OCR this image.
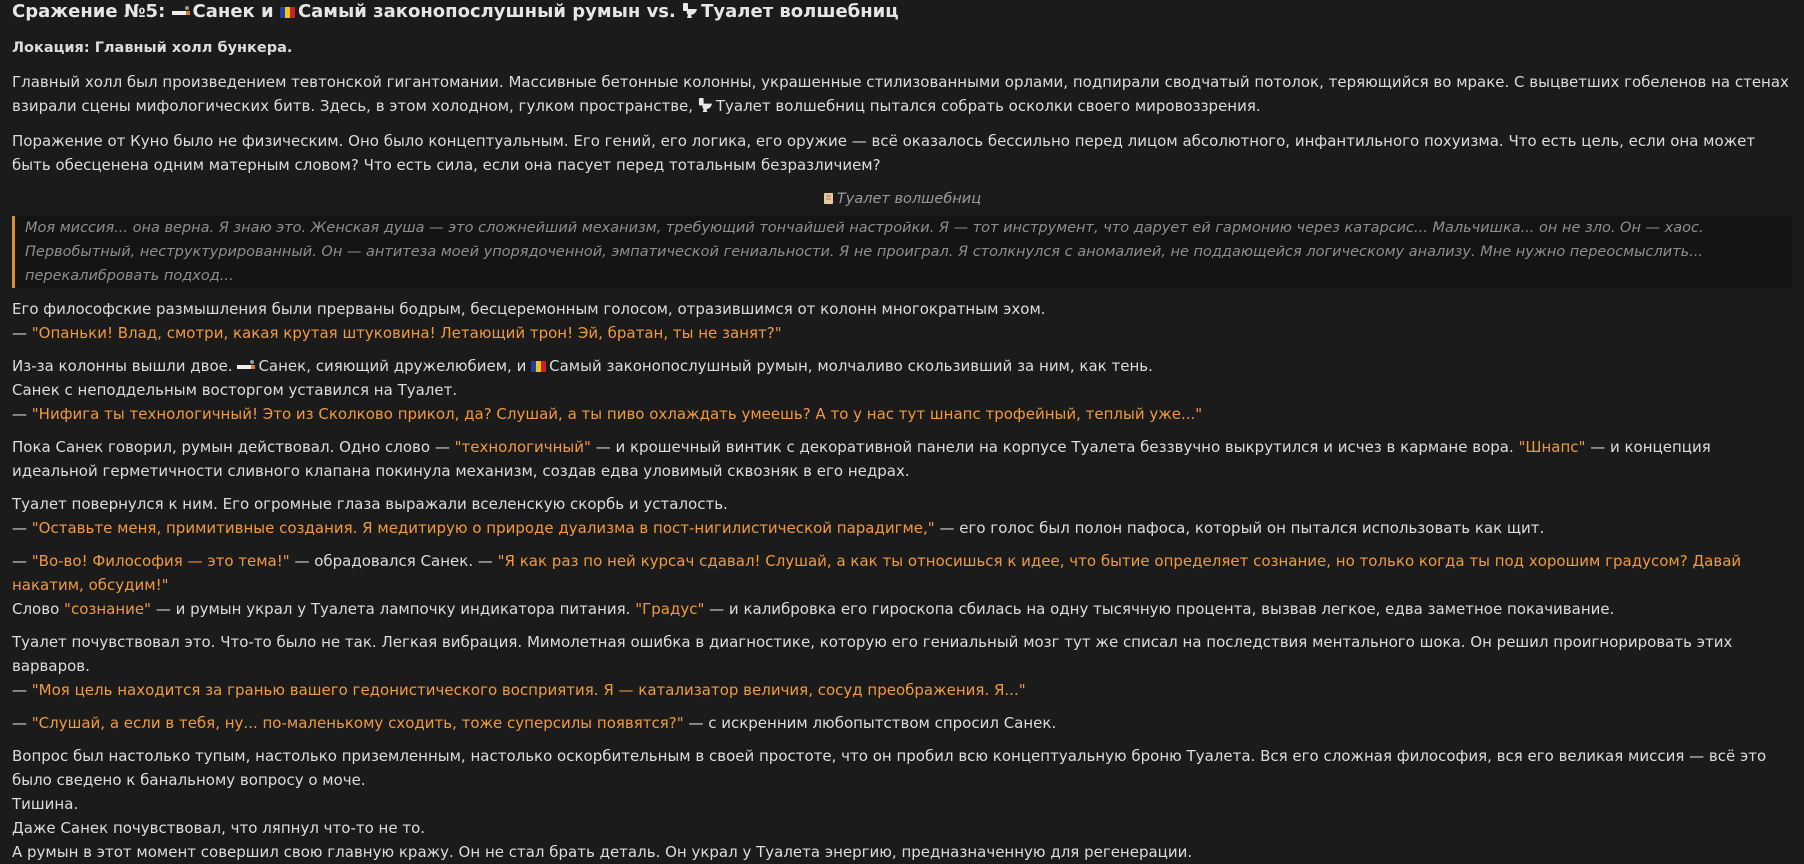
Сражение №5: Санек и Самый законопослушный румын vs. Туалет волшебниц
Локация: Главный холл бункера.

Главный холл был произведением тевтонской гигантомании. Массивные бетонные колонны, украшенные стилизованными орлами, подпирали сводчатый потолок, теряющийся во мраке. С выцветших гобеленов на стенах взирали сцены мифологических битв. Здесь, в этом холодном, гулком пространстве, Туалет волшебниц пытался собрать осколки своего мировоззрения.

Поражение от Куно было не физическим. Оно было концептуальным. Его гений, его логика, его оружие — всё оказалось бессильно перед лицом абсолютного, инфантильного похуизма. Что есть цель, если она может быть обесценена одним матерным словом? Что есть сила, если она пасует перед тотальным безразличием?

Туалет волшебниц
Моя миссия... она верна. Я знаю это. Женская душа — это сложнейший механизм, требующий тончайшей настройки. Я — тот инструмент, что дарует ей гармонию через катарсис... Мальчишка... он не зло. Он — хаос. Первобытный, неструктурированный. Он — антитеза моей упорядоченной, эмпатической гениальности. Я не проиграл. Я столкнулся с аномалией, не поддающейся логическому анализу. Мне нужно переосмыслить... перекалибровать подход...
Его философские размышления были прерваны бодрым, бесцеремонным голосом, отразившимся от колонн многократным эхом.

— "Опаньки! Влад, смотри, какая крутая штуковина! Летающий трон! Эй, братан, ты не занят?"

Из-за колонны вышли двое. Санек, сияющий дружелюбием, и Самый законопослушный румын, молчаливо скользивший за ним, как тень.
Санек с неподдельным восторгом уставился на Туалет.

— "Нифига ты технологичный! Это из Сколково прикол, да? Слушай, а ты пиво охлаждать умеешь? А то у нас тут шнапс трофейный, теплый уже..."

Пока Санек говорил, румын действовал. Одно слово — "технологичный" — и крошечный винтик с декоративной панели на корпусе Туалета беззвучно выкрутился и исчез в кармане вора. "Шнапс" — и концепция идеальной герметичности сливного клапана покинула механизм, создав едва уловимый сквозняк в его недрах.

Туалет повернулся к ним. Его огромные глаза выражали вселенскую скорбь и усталость.

— "Оставьте меня, примитивные создания. Я медитирую о природе дуализма в пост-нигилистической парадигме," — его голос был полон пафоса, который он пытался использовать как щит.

— "Во-во! Философия — это тема!" — обрадовался Санек. — "Я как раз по ней курсач сдавал! Слушай, а как ты относишься к идее, что бытие определяет сознание, но только когда ты под хорошим градусом? Давай накатим, обсудим!"

Слово "сознание" — и румын украл у Туалета лампочку индикатора питания. "Градус" — и калибровка его гироскопа сбилась на одну тысячную процента, вызвав легкое, едва заметное покачивание.

Туалет почувствовал это. Что-то было не так. Легкая вибрация. Мимолетная ошибка в диагностике, которую его гениальный мозг тут же списал на последствия ментального шока. Он решил проигнорировать этих варваров.

— "Моя цель находится за гранью вашего гедонистического восприятия. Я — катализатор величия, сосуд преображения. Я..."

— "Слушай, а если в тебя, ну... по-маленькому сходить, тоже суперсилы появятся?" — с искренним любопытством спросил Санек.

Вопрос был настолько тупым, настолько приземленным, настолько оскорбительным в своей простоте, что он пробил всю концептуальную броню Туалета. Вся его сложная философия, вся его великая миссия — всё это было сведено к банальному вопросу о моче.
Тишина.
Даже Санек почувствовал, что ляпнул что-то не то.
А румын в этот момент совершил свою главную кражу. Он не стал брать деталь. Он украл у Туалета энергию, предназначенную для регенерации.
